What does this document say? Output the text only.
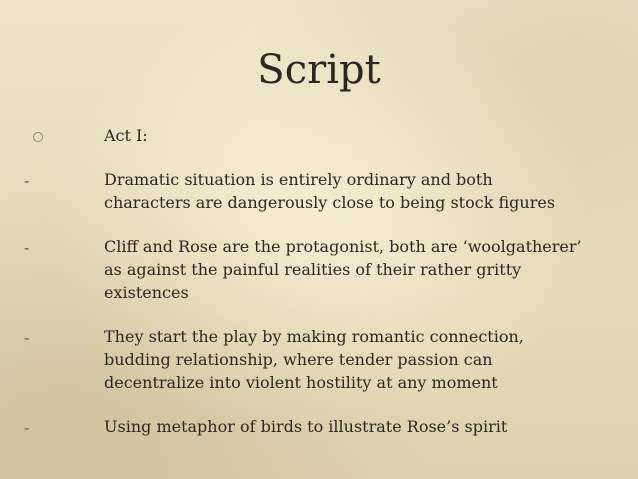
Script
Act I:
-	Dramatic situation is entirely ordinary and both characters are dangerously close to being stock figures
-	Cliff and Rose are the protagonist, both are ‘woolgatherer’ as against the painful realities of their rather gritty existences
-	They start the play by making romantic connection, budding relationship, where tender passion can decentralize into violent hostility at any moment
-	Using metaphor of birds to illustrate Rose’s spirit
